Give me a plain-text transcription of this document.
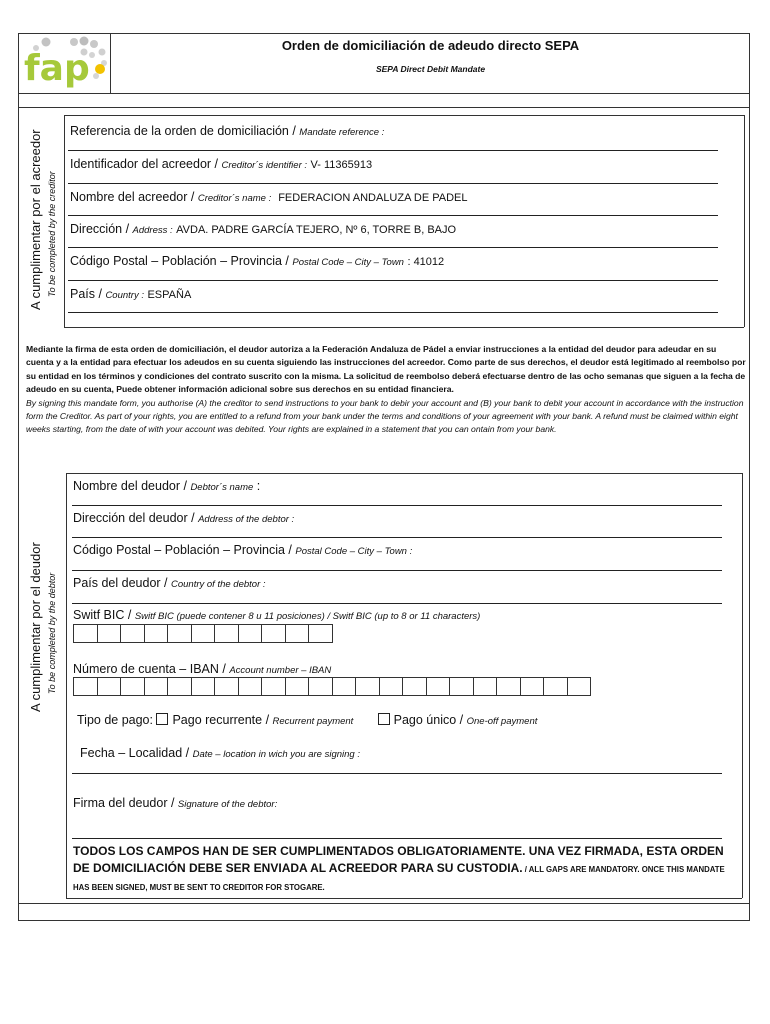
fap
Orden de domiciliación de adeudo directo SEPA
SEPA Direct Debit Mandate
A cumplimentar por el acreedor To be completed by the creditor
Referencia de la orden de domiciliación / Mandate reference :
Identificador del acreedor / Creditor´s identifier : V- 11365913
Nombre del acreedor / Creditor´s name : FEDERACION ANDALUZA DE PADEL
Dirección / Address : AVDA. PADRE GARCÍA TEJERO, Nº 6, TORRE B, BAJO
Código Postal – Población – Provincia / Postal Code – City – Town : 41012
País / Country : ESPAÑA
Mediante la firma de esta orden de domiciliación, el deudor autoriza a la Federación Andaluza de Pádel a enviar instrucciones a la entidad del deudor para adeudar en su cuenta y a la entidad para efectuar los adeudos en su cuenta siguiendo las instrucciones del acreedor. Como parte de sus derechos, el deudor está legitimado al reembolso por su entidad en los términos y condiciones del contrato suscrito con la misma. La solicitud de reembolso deberá efectuarse dentro de las ocho semanas que siguen a la fecha de adeudo en su cuenta, Puede obtener información adicional sobre sus derechos en su entidad financiera.
By signing this mandate form, you authorise (A) the creditor to send instructions to your bank to debir your account and (B) your bank to debit your account in accordance with the instruction form the Creditor. As part of your rights, you are entitled to a refund from your bank under the terms and conditions of your agreement with your bank. A refund must be claimed within eight weeks starting, from the date of with your account was debited. Your rights are explained in a statement that you can ontain from your bank.
A cumplimentar por el deudor To be completed by the debtor
Nombre del deudor / Debtor´s name :
Dirección del deudor / Address of the debtor :
Código Postal – Población – Provincia / Postal Code – City – Town :
País del deudor / Country of the debtor :
Switf BIC / Switf BIC (puede contener 8 u 11 posiciones) / Switf BIC (up to 8 or 11 characters)
Número de cuenta – IBAN / Account number – IBAN
Tipo de pago: Pago recurrente / Recurrent payment	Pago único / One-off payment
Fecha – Localidad / Date – location in wich you are signing :
Firma del deudor / Signature of the debtor:
TODOS LOS CAMPOS HAN DE SER CUMPLIMENTADOS OBLIGATORIAMENTE. UNA VEZ FIRMADA, ESTA ORDEN DE DOMICILIACIÓN DEBE SER ENVIADA AL ACREEDOR PARA SU CUSTODIA. / ALL GAPS ARE MANDATORY. ONCE THIS MANDATE HAS BEEN SIGNED, MUST BE SENT TO CREDITOR FOR STOGARE.
